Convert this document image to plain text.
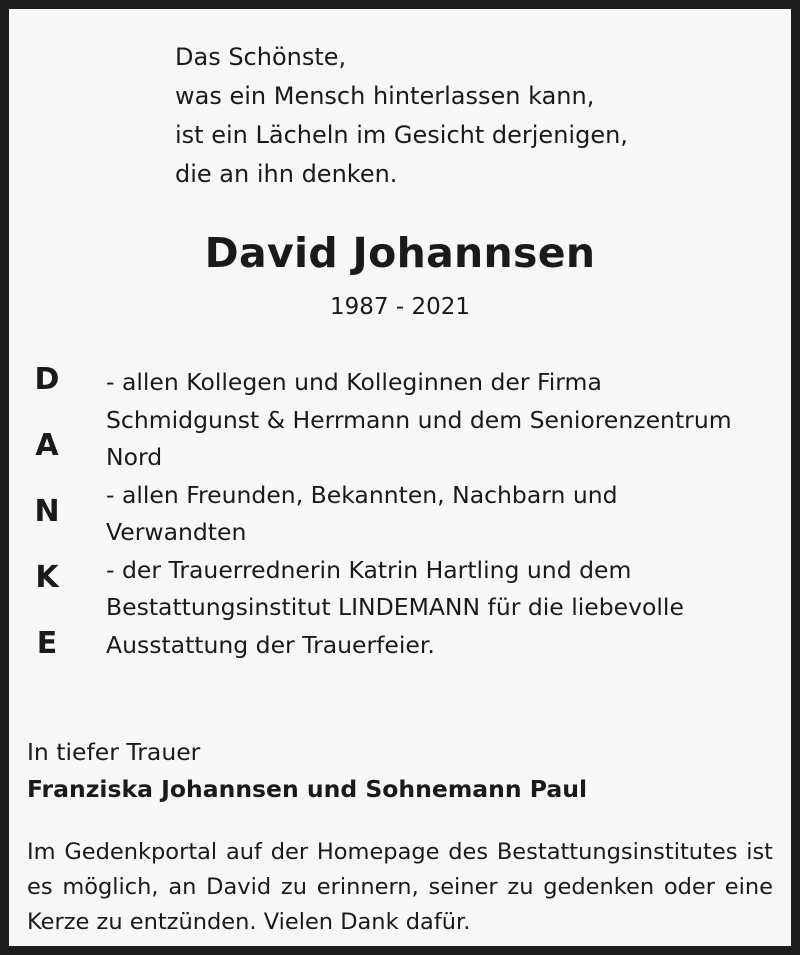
Das Schönste,
was ein Mensch hinterlassen kann,
ist ein Lächeln im Gesicht derjenigen,
die an ihn denken.
David Johannsen
1987 - 2021
D
A
N
K
E
- allen Kollegen und Kolleginnen der Firma
Schmidgunst & Herrmann und dem Seniorenzentrum
Nord
- allen Freunden, Bekannten, Nachbarn und
Verwandten
- der Trauerrednerin Katrin Hartling und dem
Bestattungsinstitut LINDEMANN für die liebevolle
Ausstattung der Trauerfeier.
In tiefer Trauer
Franziska Johannsen und Sohnemann Paul
Im Gedenkportal auf der Homepage des Bestattungsinstitutes ist
es möglich, an David zu erinnern, seiner zu gedenken oder eine
Kerze zu entzünden. Vielen Dank dafür.
